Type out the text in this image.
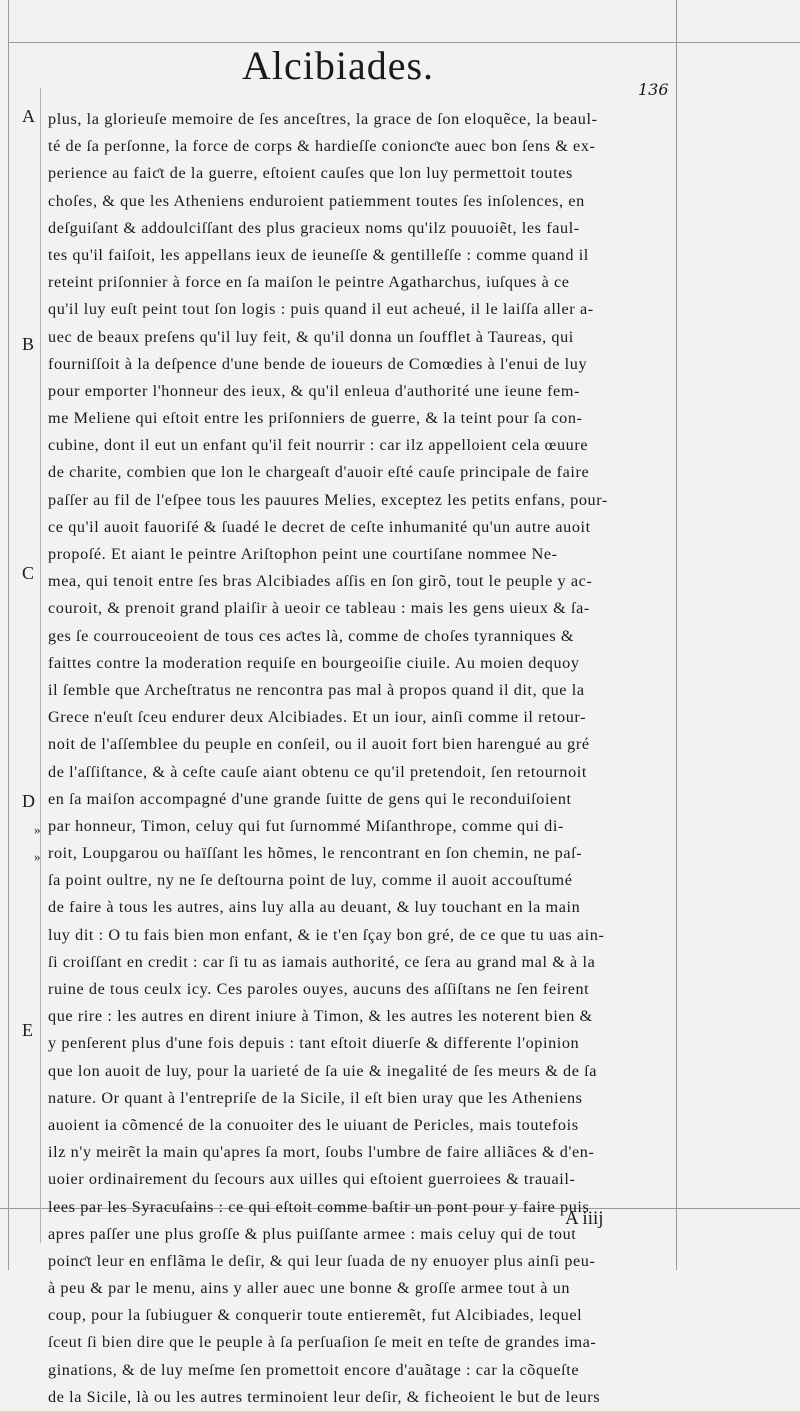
Alcibiades.
136
A
B
C
D
»
»
E
plus, la glorieuſe memoire de ſes anceſtres, la grace de ſon eloquẽce, la beaul-
té de ſa perſonne, la force de corps & hardieſſe conionƈte auec bon ſens & ex-
perience au faiƈt de la guerre, eſtoient cauſes que lon luy permettoit toutes
choſes, & que les Atheniens enduroient patiemment toutes ſes inſolences, en
deſguiſant & addoulciſſant des plus gracieux noms qu'ilz pouuoiẽt, les faul-
tes qu'il faiſoit, les appellans ieux de ieuneſſe & gentilleſſe : comme quand il
reteint priſonnier à force en ſa maiſon le peintre Agatharchus, iuſques à ce
qu'il luy euſt peint tout ſon logis : puis quand il eut acheué, il le laiſſa aller a-
uec de beaux preſens qu'il luy feit, & qu'il donna un ſoufflet à Taureas, qui
fourniſſoit à la deſpence d'une bende de ioueurs de Comœdies à l'enui de luy
pour emporter l'honneur des ieux, & qu'il enleua d'authorité une ieune fem-
me Meliene qui eſtoit entre les priſonniers de guerre, & la teint pour ſa con-
cubine, dont il eut un enfant qu'il feit nourrir : car ilz appelloient cela œuure
de charite, combien que lon le chargeaſt d'auoir eſté cauſe principale de faire
paſſer au fil de l'eſpee tous les pauures Melies, exceptez les petits enfans, pour-
ce qu'il auoit fauoriſé & ſuadé le decret de ceſte inhumanité qu'un autre auoit
propoſé. Et aiant le peintre Ariſtophon peint une courtiſane nommee Ne-
mea, qui tenoit entre ſes bras Alcibiades aſſis en ſon girõ, tout le peuple y ac-
couroit, & prenoit grand plaiſir à ueoir ce tableau : mais les gens uieux & ſa-
ges ſe courrouceoient de tous ces aƈtes là, comme de choſes tyranniques &
faittes contre la moderation requiſe en bourgeoiſie ciuile. Au moien dequoy
il ſemble que Archeſtratus ne rencontra pas mal à propos quand il dit, que la
Grece n'euſt ſceu endurer deux Alcibiades. Et un iour, ainſi comme il retour-
noit de l'aſſemblee du peuple en conſeil, ou il auoit fort bien harengué au gré
de l'aſſiſtance, & à ceſte cauſe aiant obtenu ce qu'il pretendoit, ſen retournoit
en ſa maiſon accompagné d'une grande ſuitte de gens qui le reconduiſoient
par honneur, Timon, celuy qui fut ſurnommé Miſanthrope, comme qui di-
roit, Loupgarou ou haïſſant les hõmes, le rencontrant en ſon chemin, ne paſ-
ſa point oultre, ny ne ſe deſtourna point de luy, comme il auoit accouſtumé
de faire à tous les autres, ains luy alla au deuant, & luy touchant en la main
luy dit : O tu fais bien mon enfant, & ie t'en ſçay bon gré, de ce que tu uas ain-
ſi croiſſant en credit : car ſi tu as iamais authorité, ce ſera au grand mal & à la
ruine de tous ceulx icy. Ces paroles ouyes, aucuns des aſſiſtans ne ſen feirent
que rire : les autres en dirent iniure à Timon, & les autres les noterent bien &
y penſerent plus d'une fois depuis : tant eſtoit diuerſe & differente l'opinion
que lon auoit de luy, pour la uarieté de ſa uie & inegalité de ſes meurs & de ſa
nature. Or quant à l'entrepriſe de la Sicile, il eſt bien uray que les Atheniens
auoient ia cõmencé de la conuoiter des le uiuant de Pericles, mais toutefois
ilz n'y meirẽt la main qu'apres ſa mort, ſoubs l'umbre de faire alliãces & d'en-
uoier ordinairement du ſecours aux uilles qui eſtoient guerroiees & trauail-
lees par les Syracuſains : ce qui eſtoit comme baſtir un pont pour y faire puis
apres paſſer une plus groſſe & plus puiſſante armee : mais celuy qui de tout
poinƈt leur en enflãma le deſir, & qui leur ſuada de ny enuoyer plus ainſi peu-
à peu & par le menu, ains y aller auec une bonne & groſſe armee tout à un
coup, pour la ſubiuguer & conquerir toute entieremẽt, fut Alcibiades, lequel
ſceut ſi bien dire que le peuple à ſa perſuaſion ſe meit en teſte de grandes ima-
ginations, & de luy meſme ſen promettoit encore d'auãtage : car la cõqueſte
de la Sicile, là ou les autres terminoient leur deſir, & ficheoient le but de leurs
A iiij
